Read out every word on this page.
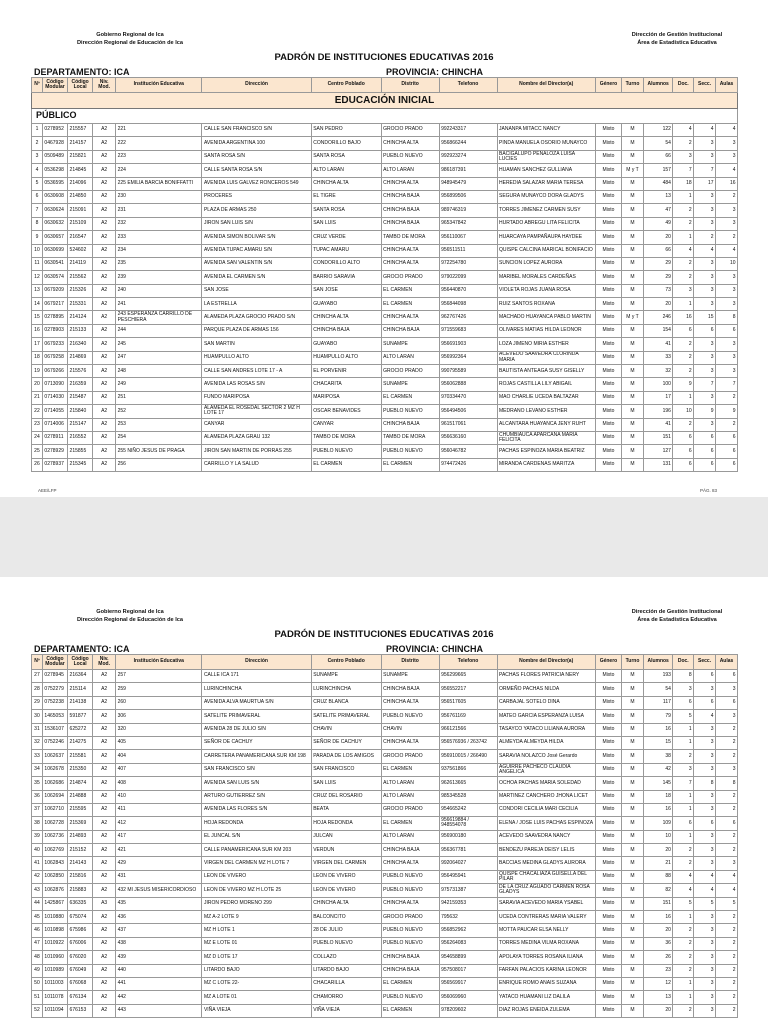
Gobierno Regional de Ica
Dirección Regional de Educación de Ica
Dirección de Gestión Institucional
Área de Estadística Educativa
PADRÓN DE INSTITUCIONES EDUCATIVAS 2016
DEPARTAMENTO: ICA	PROVINCIA: CHINCHA
Nº	Código Modular	Código Local	Niv. Mod.	Institución Educativa	Dirección	Centro Poblado	Distrito	Telefono	Nombre del Director(a)	Género	Turno	Alumnos	Doc.	Secc.	Aulas
EDUCACIÓN INICIAL															
PÚBLICO															
1	0278952	215557	A2	221	CALLE SAN FRANCISCO S/N	SAN PEDRO	GROCIO PRADO	992243317	JANANPA MITACC NANCY	Mixto	M	122	4	4	4
2	0467928	214157	A2	222	AVENIDA ARGENTINA 100	CONDORILLO BAJO	CHINCHA ALTA	956866244	PINDA MANUELA OSORIO MUNAYCO	Mixto	M	54	2	3	3
3	0509489	215821	A2	223	SANTA ROSA S/N	SANTA ROSA	PUEBLO NUEVO	992923274	BACIGALUPO PEÑALOZA LUISA LUCIES	Mixto	M	66	3	3	3
4	0536298	214845	A2	224	CALLE SANTA ROSA S/N	ALTO LARAN	ALTO LARAN	986187391	HUAMAN SANCHEZ GULLIANA	Mixto	M y T	157	7	7	4
5	0536595	214096	A2	225 EMILIA BARCIA BONIFFATTI	AVENIDA LUIS GALVEZ RONCEROS 549	CHINCHA ALTA	CHINCHA ALTA	948945479	HEREDIA SALAZAR MARIA TERESA	Mixto	M	484	18	17	16
6	0630608	214850	A2	230	PROCERES	EL TIGRE	CHINCHA BAJA	956899506	SEGURA MUNAYCO DORA GLADYS	Mixto	M	13	1	3	2
7	0630624	215091	A2	231	PLAZA DE ARMAS 250	SANTA ROSA	CHINCHA BAJA	989746319	TORRES JIMENEZ CARMEN SUSY	Mixto	M	47	2	3	3
8	0630632	215109	A2	232	JIRON SAN LUIS S/N	SAN LUIS	CHINCHA BAJA	965347842	HURTADO ABREGU LITA FELICITA	Mixto	M	49	2	3	3
9	0630657	216547	A2	233	AVENIDA SIMON BOLIVAR S/N	CRUZ VERDE	TAMBO DE MORA	956110067	HUARCAYA PAMPAÑAUPA HAYDEE	Mixto	M	20	1	2	2
10	0630699	524602	A2	234	AVENIDA TUPAC AMARU S/N	TUPAC AMARU	CHINCHA ALTA	956511511	QUISPE CALCINA MARICAL BONIFACIO	Mixto	M	66	4	4	4
11	0630541	214119	A2	235	AVENIDA SAN VALENTIN S/N	CONDORILLO ALTO	CHINCHA ALTA	972254780	SUNCION LOPEZ AURORA	Mixto	M	29	2	3	10
12	0630574	215562	A2	239	AVENIDA EL CARMEN S/N	BARRIO SARAVIA	GROCIO PRADO	979022099	MARIBEL MORALES CARDEÑAS	Mixto	M	29	2	3	3
13	0679209	215326	A2	240	SAN JOSE	SAN JOSE	EL CARMEN	956440870	VIOLETA ROJAS JUANA ROSA	Mixto	M	73	3	3	3
14	0679217	215331	A2	241	LA ESTRELLA	GUAYABO	EL CARMEN	956844098	RUIZ SANTOS ROXANA	Mixto	M	20	1	3	3
15	0278895	214124	A2	243 ESPERANZA CARRILLO DE PESCHIERA	ALAMEDA PLAZA GROCIO PRADO S/N	CHINCHA ALTA	CHINCHA ALTA	962767426	MACHADO HUAYANCA PABLO MARTIN	Mixto	M y T	246	16	15	8
16	0278903	215133	A2	244	PARQUE PLAZA DE ARMAS 156	CHINCHA BAJA	CHINCHA BAJA	971559683	OLIVARES MATIAS HILDA LEONOR	Mixto	M	154	6	6	6
17	0679233	216340	A2	245	SAN MARTIN	GUAYABO	SUNAMPE	956691903	LOZA JIMENO MIRIA ESTHER	Mixto	M	41	2	3	3
18	0679258	214869	A2	247	HUAMPULLO ALTO	HUAMPULLO ALTO	ALTO LARAN	956992364	ACEVEDO SAAVEDRA CLORINDA MARIA	Mixto	M	33	2	3	3
19	0679266	215576	A2	248	CALLE SAN ANDRES LOTE 17 - A	EL PORVENIR	GROCIO PRADO	990795589	BAUTISTA ANTEAGA SUSY GISELLY	Mixto	M	32	2	3	3
20	0713090	216359	A2	249	AVENIDA LAS ROSAS S/N	CHACARITA	SUNAMPE	956062888	ROJAS CASTILLA LILY ABIGAIL	Mixto	M	100	9	7	7
21	0714030	215487	A2	251	FUNDO MARIPOSA	MARIPOSA	EL CARMEN	970334470	MAO CHARLIE UCEDA BALTAZAR	Mixto	M	17	1	3	2
22	0714055	215840	A2	252	ALAMEDA EL ROSEDAL SECTOR 2 MZ H LOTE 17	OSCAR BENAVIDES	PUEBLO NUEVO	956494506	MEDRANO LEVANO ESTHER	Mixto	M	196	10	9	9
23	0714006	215147	A2	253	CANYAR	CANYAR	CHINCHA BAJA	961517061	ALCANTARA HUAYANCA JENY RUHT	Mixto	M	41	2	3	2
24	0278911	216552	A2	254	ALAMEDA PLAZA GRAU 132	TAMBO DE MORA	TAMBO DE MORA	956636160	CHUMBIAUCA APARCANA MARIA FELICITA	Mixto	M	151	6	6	6
25	0278929	215855	A2	255 NIÑO JESUS DE PRAGA	JIRON SAN MARTIN DE PORRAS 255	PUEBLO NUEVO	PUEBLO NUEVO	956046782	PACHAS ESPINOZA MARIA BEATRIZ	Mixto	M	127	6	6	6
26	0278937	215345	A2	256	CARRILLO Y LA SALUD	EL CARMEN	EL CARMEN	974472426	MIRANDA CARDENAS MARITZA	Mixto	M	131	6	6	6
AEE/LFP	PÁG. 83
Gobierno Regional de Ica
Dirección Regional de Educación de Ica
Dirección de Gestión Institucional
Área de Estadística Educativa
PADRÓN DE INSTITUCIONES EDUCATIVAS 2016
DEPARTAMENTO: ICA	PROVINCIA: CHINCHA
Nº	Código Modular	Código Local	Niv. Mod.	Institución Educativa	Dirección	Centro Poblado	Distrito	Telefono	Nombre del Director(a)	Género	Turno	Alumnos	Doc.	Secc.	Aulas
27	0278945	216364	A2	257	CALLE ICA 171	SUNAMPE	SUNAMPE	956299665	PACHAS FLORES PATRICIA NERY	Mixto	M	193	8	6	6
28	0752279	215114	A2	259	LURINCHINCHA	LURINCHINCHA	CHINCHA BAJA	956552217	ORMEÑO PACHAS NILDA	Mixto	M	54	3	3	3
29	0752238	214138	A2	260	AVENIDA ALVA MAURTUA S/N	CRUZ BLANCA	CHINCHA ALTA	956517605	CARBAJAL SOTELO DINA	Mixto	M	117	6	6	6
30	1465053	591877	A2	306	SATELITE PRIMAVERAL	SATELITE PRIMAVERAL	PUEBLO NUEVO	956761169	MATEO GARCIA ESPERANZA LUISA	Mixto	M	79	5	4	3
31	1536107	625272	A2	320	AVENIDA 28 DE JULIO S/N	CHAVIN	CHAVIN	966121566	TASAYCO YATACO LILIANA AURORA	Mixto	M	16	1	3	2
32	0752246	214275	A2	405	SEÑOR DE CACHUY	SEÑOR DE CACHUY	CHINCHA ALTA	956576936 / 263742	ALMEYDA ALMEYDA HILDA	Mixto	M	15	1	3	2
33	1062637	215581	A2	404	CARRETERA PANAMERICANA SUR KM 198	PARADA DE LOS AMIGOS	GROCIO PRADO	956910015 / 266490	SARAVIA NOLAZCO José Gerardo	Mixto	M	38	2	3	2
34	1062678	215350	A2	407	SAN FRANCISCO S/N	SAN FRANCISCO	EL CARMEN	937561866	AGUIRRE PACHECO CLAUDIA ANGELICA	Mixto	M	42	3	3	3
35	1062686	214874	A2	408	AVENIDA SAN LUIS S/N	SAN LUIS	ALTO LARAN	962613665	OCHOA PACHAS MARIA SOLEDAD	Mixto	M	145	7	8	8
36	1062694	214888	A2	410	ARTURO GUTIERREZ S/N	CRUZ DEL ROSARIO	ALTO LARAN	985345528	MARTINEZ CANCHERO JHONA LICET	Mixto	M	18	1	3	2
37	1062710	215595	A2	411	AVENIDA LAS FLORES S/N	BEATA	GROCIO PRADO	954665242	CONDORI CECILIA MARI CECILIA	Mixto	M	16	1	3	2
38	1062728	215369	A2	412	HOJA REDONDA	HOJA REDONDA	EL CARMEN	956619884 / 948554078	ELENA / JOSE LUIS PACHAS ESPINOZA	Mixto	M	109	6	6	6
39	1062736	214893	A2	417	EL JUNCAL S/N	JULCAN	ALTO LARAN	956900180	ACEVEDO SAAVEDRA NANCY	Mixto	M	10	1	3	2
40	1062769	215152	A2	421	CALLE PANAMERICANA SUR KM 203	VERDUN	CHINCHA BAJA	956367781	BENDEZU PAREJA DEISY LELIS	Mixto	M	20	2	3	2
41	1062843	214143	A2	429	VIRGEN DEL CARMEN MZ H LOTE 7	VIRGEN DEL CARMEN	CHINCHA ALTA	992064027	BACCIAS MEDINA GLADYS AURORA	Mixto	M	21	2	3	3
42	1062850	215816	A2	431	LEON DE VIVERO	LEON DE VIVERO	PUEBLO NUEVO	956495941	QUISPE CHACALIAZA GUISELLA DEL PILAR	Mixto	M	88	4	4	4
43	1062876	215883	A2	432 MI JESUS MISERICORDIOSO	LEON DE VIVERO MZ H LOTE 25	LEON DE VIVERO	PUEBLO NUEVO	975731387	DE LA CRUZ AGUADO CARMEN ROSA GLADYS	Mixto	M	82	4	4	4
44	1425867	636335	A3	435	JIRON PEDRO MORENO 299	CHINCHA ALTA	CHINCHA ALTA	942159353	SARAVIA ACEVEDO MARIA YSABEL	Mixto	M	151	5	5	5
45	1010880	675074	A2	436	MZ A-2 LOTE 9	BALCONCITO	GROCIO PRADO	795632	UCEDA CONTRERAS MARIA VALERY	Mixto	M	16	1	3	2
46	1010898	675986	A2	437	MZ H LOTE 1	28 DE JULIO	PUEBLO NUEVO	956852962	MOTTA PAUCAR ELSA NELLY	Mixto	M	20	2	3	2
47	1010922	676006	A2	438	MZ E LOTE 01	PUEBLO NUEVO	PUEBLO NUEVO	956264083	TORRES MEDINA VILMA ROXANA	Mixto	M	36	2	3	2
48	1010960	676020	A2	439	MZ D LOTE 17	COLLAZO	CHINCHA BAJA	954658899	APOLAYA TORRES ROSANA ILIANA	Mixto	M	26	2	3	2
49	1010989	676049	A2	440	LITARDO BAJO	LITARDO BAJO	CHINCHA BAJA	957508017	FARFAN PALACIOS KARINA LEONOR	Mixto	M	23	2	3	2
50	1011003	676068	A2	441	MZ C LOTE 22-	CHACARILLA	EL CARMEN	956569917	ENRIQUE ROMO ANAIS SUZANA	Mixto	M	12	1	3	2
51	1011078	676134	A2	442	MZ A LOTE 01	CHAMORRO	PUEBLO NUEVO	956069960	YATACO HUAMANI LIZ DALILA	Mixto	M	13	1	3	2
52	1011094	676153	A2	443	VIÑA VIEJA	VIÑA VIEJA	EL CARMEN	978209602	DIAZ ROJAS ENEIDA ZULEMA	Mixto	M	20	2	3	2
